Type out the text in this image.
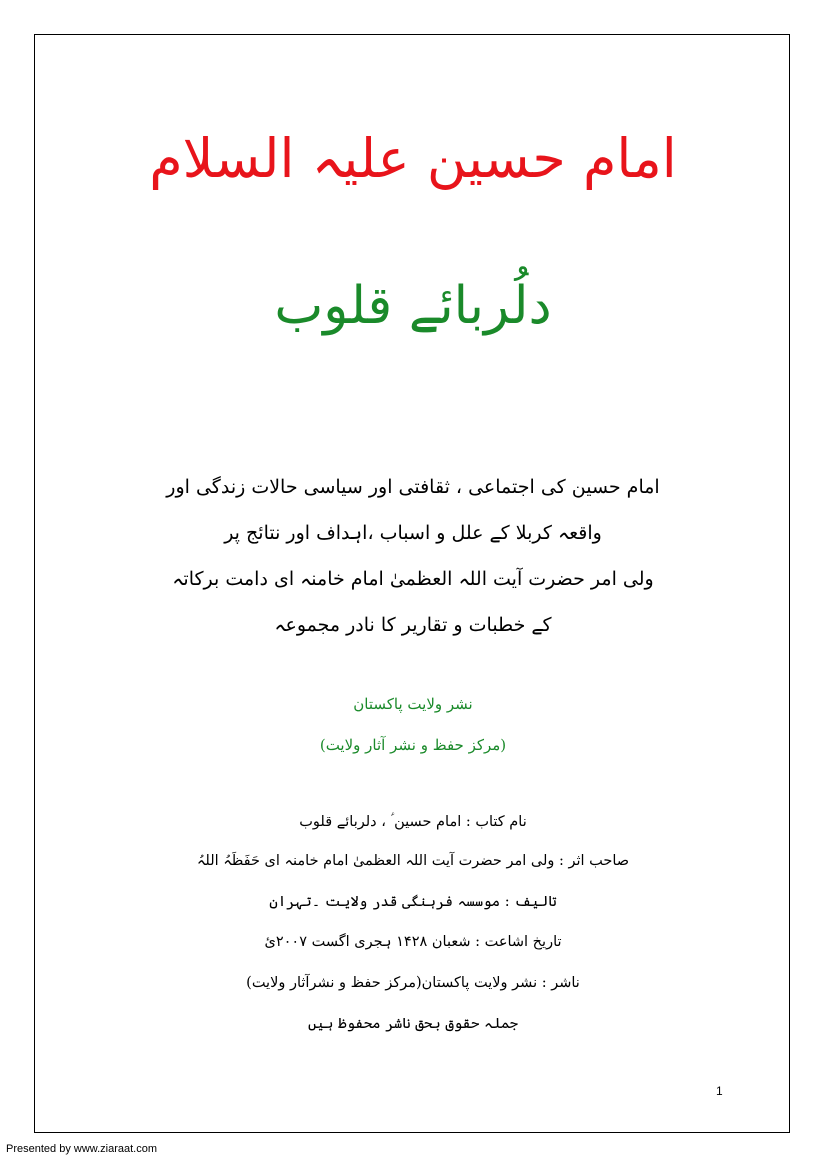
امام حسین علیہ السلام
دلُربائے قلوب
امام حسین کی اجتماعی ، ثقافتی اور سیاسی حالات زندگی اور
واقعہ کربلا کے علل و اسباب ،اہداف اور نتائج پر
ولی امر حضرت آیت اللہ العظمیٰ امام خامنہ ای دامت برکاتہ
کے خطبات و تقاریر کا نادر مجموعہ
نشر ولایت پاکستان
(مرکز حفظ و نشر آثار ولایت)
نام کتاب : امام حسین ؑ ، دلربائے قلوب
صاحب اثر : ولی امر حضرت آیت اللہ العظمیٰ امام خامنہ ای حَفَظَہُ اللہُ
تالیف : موسسہ فرہنگی قدر ولایت ۔تہران
تاریخ اشاعت : شعبان ۱۴۲۸ ہجری اگست ۲۰۰۷ئ
ناشر : نشر ولایت پاکستان(مرکز حفظ و نشرآثار ولایت)
جملہ حقوق بحق ناشر محفوظ ہیں
1
Presented by www.ziaraat.com
